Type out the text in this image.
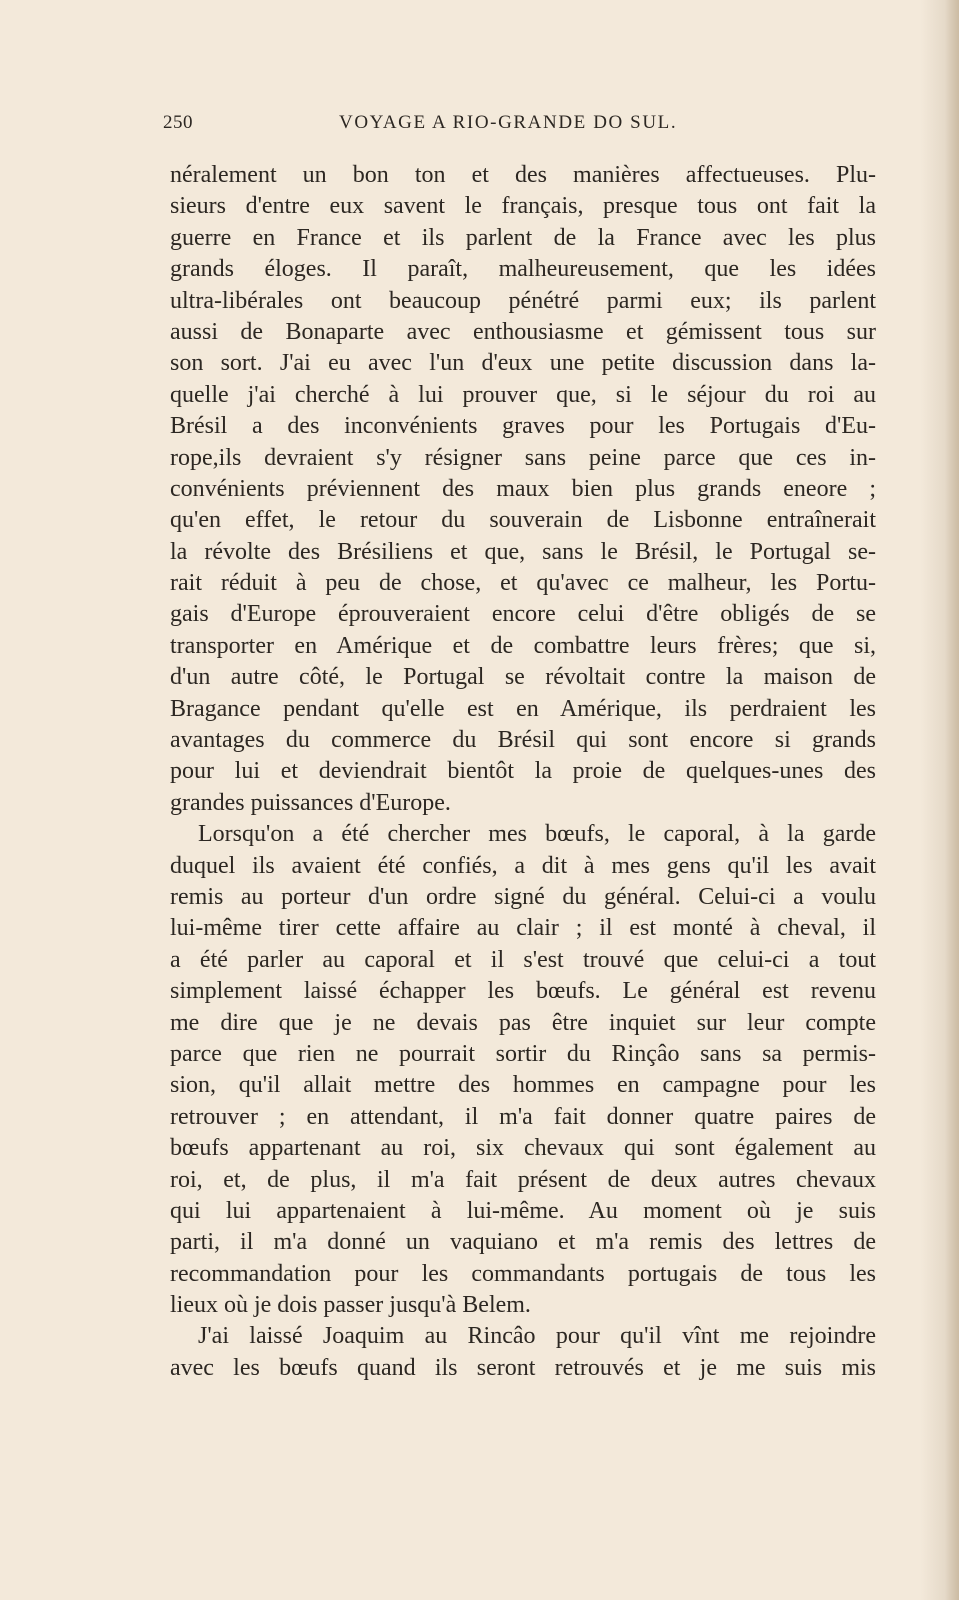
250	VOYAGE A RIO-GRANDE DO SUL.
néralement un bon ton et des manières affectueuses. Plu-
sieurs d'entre eux savent le français, presque tous ont fait la
guerre en France et ils parlent de la France avec les plus
grands éloges. Il paraît, malheureusement, que les idées
ultra-libérales ont beaucoup pénétré parmi eux; ils parlent
aussi de Bonaparte avec enthousiasme et gémissent tous sur
son sort. J'ai eu avec l'un d'eux une petite discussion dans la-
quelle j'ai cherché à lui prouver que, si le séjour du roi au
Brésil a des inconvénients graves pour les Portugais d'Eu-
rope,ils devraient s'y résigner sans peine parce que ces in-
convénients préviennent des maux bien plus grands eneore ;
qu'en effet, le retour du souverain de Lisbonne entraînerait
la révolte des Brésiliens et que, sans le Brésil, le Portugal se-
rait réduit à peu de chose, et qu'avec ce malheur, les Portu-
gais d'Europe éprouveraient encore celui d'être obligés de se
transporter en Amérique et de combattre leurs frères; que si,
d'un autre côté, le Portugal se révoltait contre la maison de
Bragance pendant qu'elle est en Amérique, ils perdraient les
avantages du commerce du Brésil qui sont encore si grands
pour lui et deviendrait bientôt la proie de quelques-unes des
grandes puissances d'Europe.
Lorsqu'on a été chercher mes bœufs, le caporal, à la garde
duquel ils avaient été confiés, a dit à mes gens qu'il les avait
remis au porteur d'un ordre signé du général. Celui-ci a voulu
lui-même tirer cette affaire au clair ; il est monté à cheval, il
a été parler au caporal et il s'est trouvé que celui-ci a tout
simplement laissé échapper les bœufs. Le général est revenu
me dire que je ne devais pas être inquiet sur leur compte
parce que rien ne pourrait sortir du Rinçâo sans sa permis-
sion, qu'il allait mettre des hommes en campagne pour les
retrouver ; en attendant, il m'a fait donner quatre paires de
bœufs appartenant au roi, six chevaux qui sont également au
roi, et, de plus, il m'a fait présent de deux autres chevaux
qui lui appartenaient à lui-même. Au moment où je suis
parti, il m'a donné un vaquiano et m'a remis des lettres de
recommandation pour les commandants portugais de tous les
lieux où je dois passer jusqu'à Belem.
J'ai laissé Joaquim au Rincâo pour qu'il vînt me rejoindre
avec les bœufs quand ils seront retrouvés et je me suis mis
